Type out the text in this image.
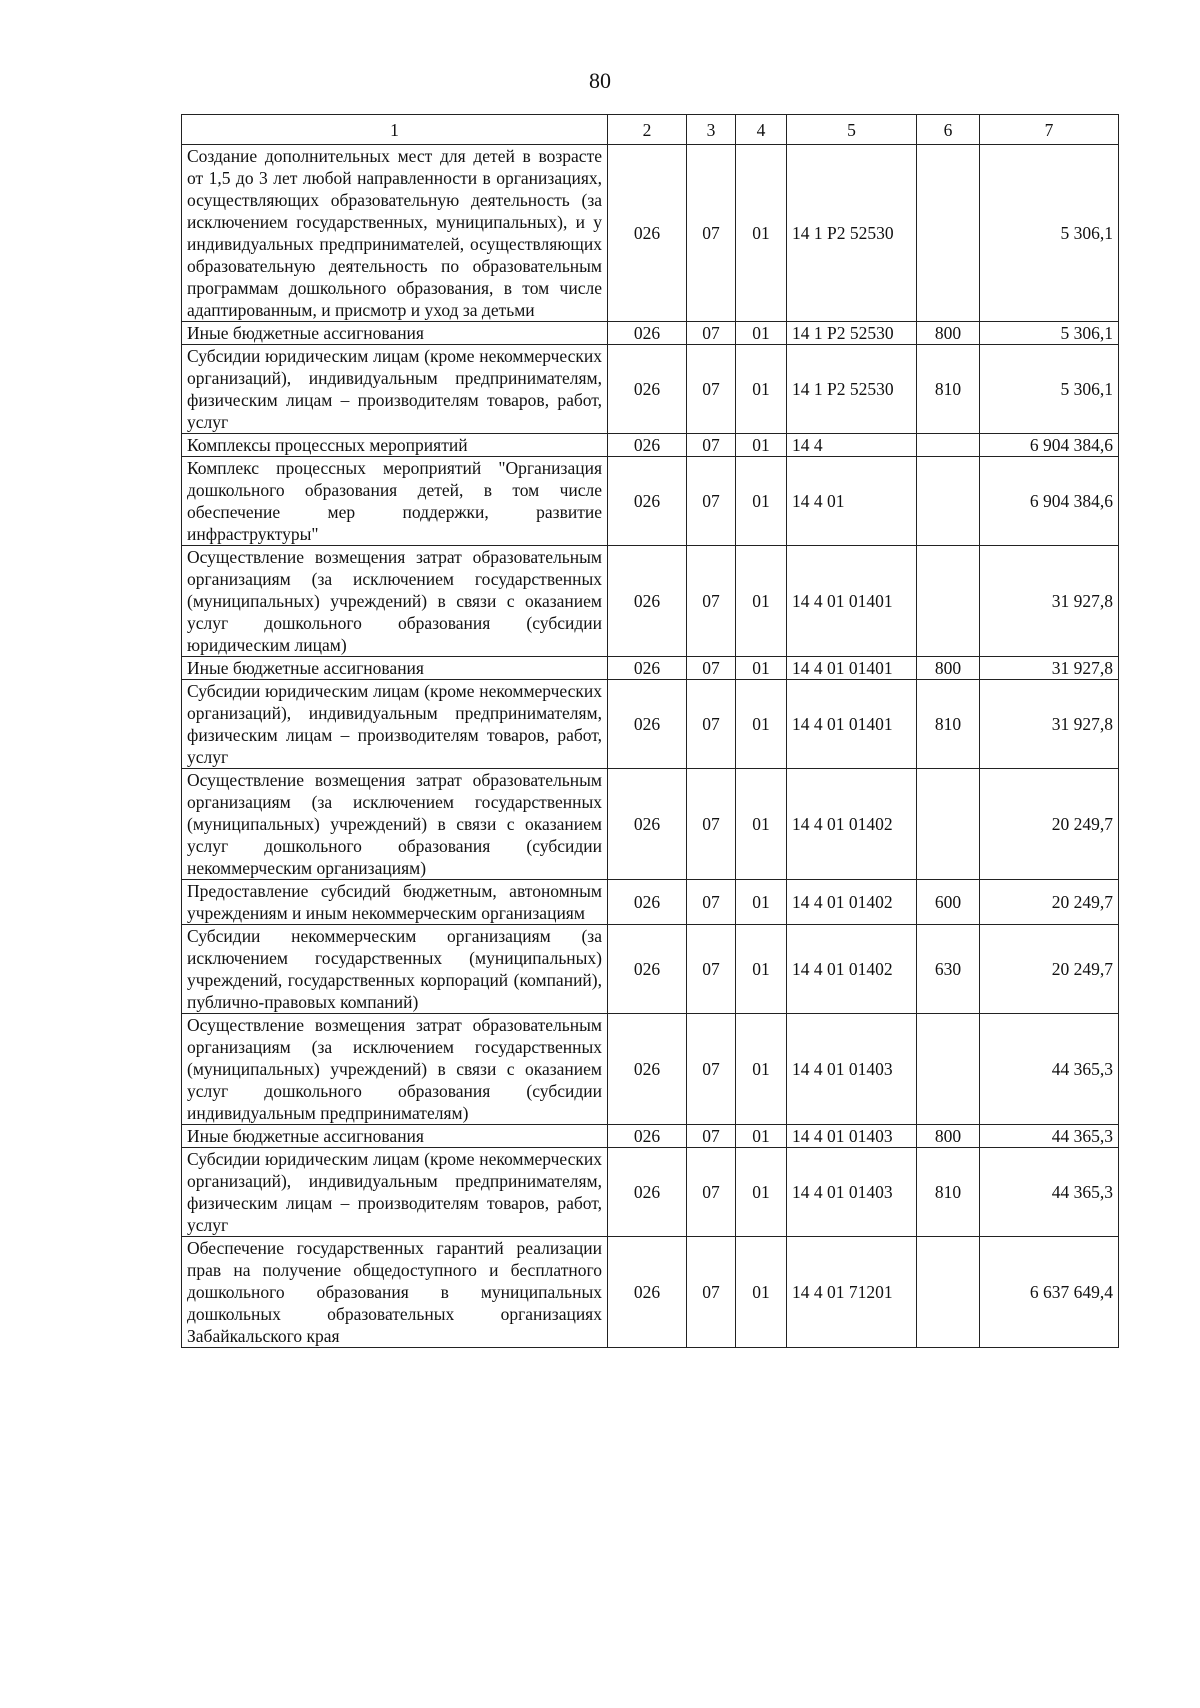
80
1	2	3	4	5	6	7
Создание дополнительных мест для детей в возрасте от 1,5 до 3 лет любой направленности в организациях, осуществляющих образовательную деятельность (за исключением государственных, муниципальных), и у индивидуальных предпринимателей, осуществляющих образовательную деятельность по образовательным программам дошкольного образования, в том числе адаптированным, и присмотр и уход за детьми	026	07	01	14 1 Р2 52530		5 306,1
Иные бюджетные ассигнования	026	07	01	14 1 Р2 52530	800	5 306,1
Субсидии юридическим лицам (кроме некоммерческих организаций), индивидуальным предпринимателям, физическим лицам – производителям товаров, работ, услуг	026	07	01	14 1 Р2 52530	810	5 306,1
Комплексы процессных мероприятий	026	07	01	14 4		6 904 384,6
Комплекс процессных мероприятий "Организация дошкольного образования детей, в том числе обеспечение мер поддержки, развитие инфраструктуры"	026	07	01	14 4 01		6 904 384,6
Осуществление возмещения затрат образовательным организациям (за исключением государственных (муниципальных) учреждений) в связи с оказанием услуг дошкольного образования (субсидии юридическим лицам)	026	07	01	14 4 01 01401		31 927,8
Иные бюджетные ассигнования	026	07	01	14 4 01 01401	800	31 927,8
Субсидии юридическим лицам (кроме некоммерческих организаций), индивидуальным предпринимателям, физическим лицам – производителям товаров, работ, услуг	026	07	01	14 4 01 01401	810	31 927,8
Осуществление возмещения затрат образовательным организациям (за исключением государственных (муниципальных) учреждений) в связи с оказанием услуг дошкольного образования (субсидии некоммерческим организациям)	026	07	01	14 4 01 01402		20 249,7
Предоставление субсидий бюджетным, автономным учреждениям и иным некоммерческим организациям	026	07	01	14 4 01 01402	600	20 249,7
Субсидии некоммерческим организациям (за исключением государственных (муниципальных) учреждений, государственных корпораций (компаний), публично-правовых компаний)	026	07	01	14 4 01 01402	630	20 249,7
Осуществление возмещения затрат образовательным организациям (за исключением государственных (муниципальных) учреждений) в связи с оказанием услуг дошкольного образования (субсидии индивидуальным предпринимателям)	026	07	01	14 4 01 01403		44 365,3
Иные бюджетные ассигнования	026	07	01	14 4 01 01403	800	44 365,3
Субсидии юридическим лицам (кроме некоммерческих организаций), индивидуальным предпринимателям, физическим лицам – производителям товаров, работ, услуг	026	07	01	14 4 01 01403	810	44 365,3
Обеспечение государственных гарантий реализации прав на получение общедоступного и бесплатного дошкольного образования в муниципальных дошкольных образовательных организациях Забайкальского края	026	07	01	14 4 01 71201		6 637 649,4
